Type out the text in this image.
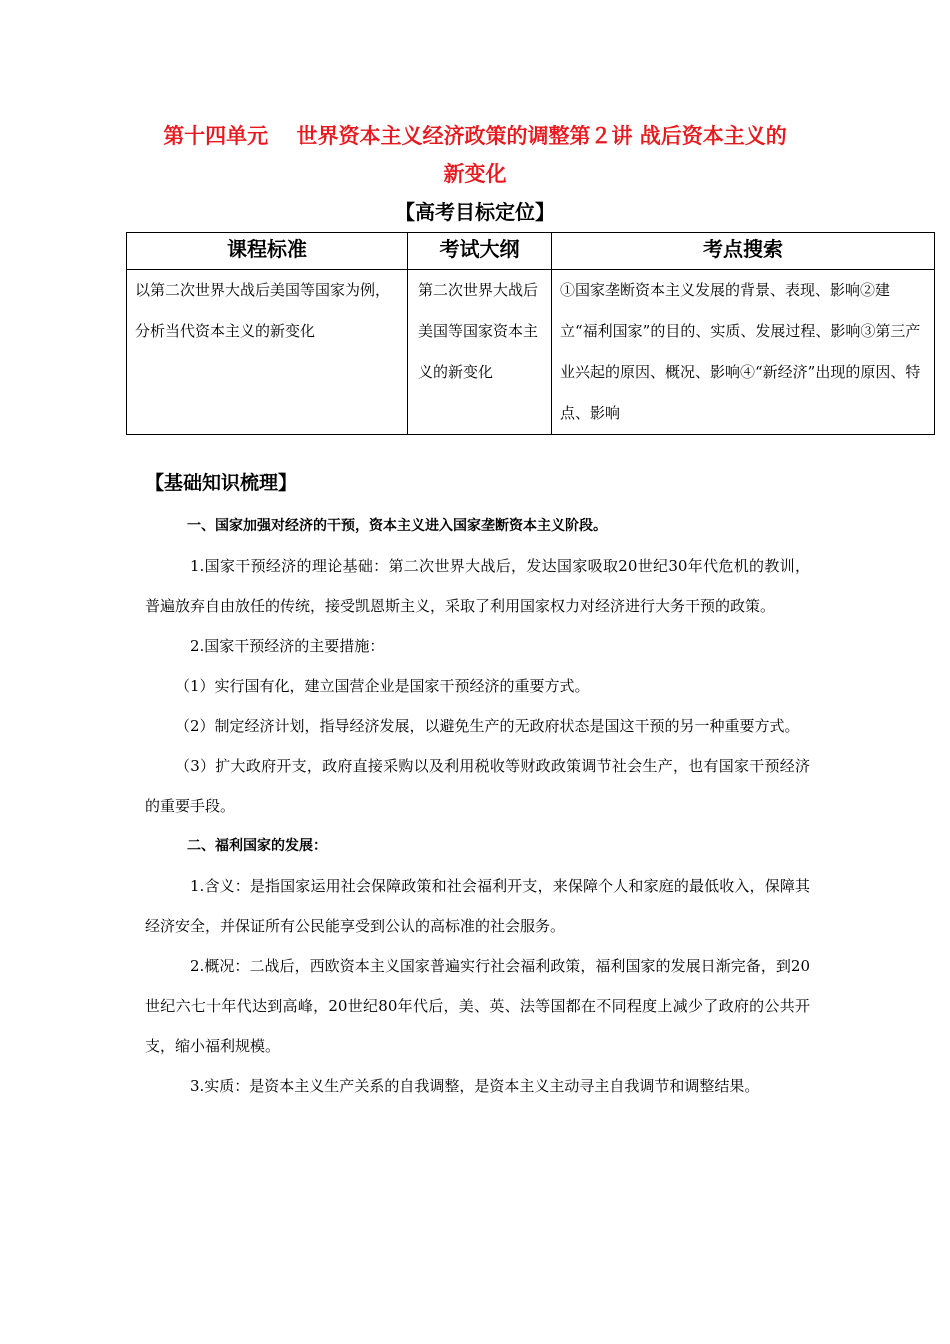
第十四单元　 世界资本主义经济政策的调整第２讲 战后资本主义的
新变化
【高考目标定位】
课程标准	考试大纲	考点搜索
以第二次世界大战后美国等国家为例，分析当代资本主义的新变化	第二次世界大战后美国等国家资本主义的新变化	①国家垄断资本主义发展的背景、表现、影响②建立“福利国家”的目的、实质、发展过程、影响③第三产业兴起的原因、概况、影响④“新经济”出现的原因、特点、影响
【基础知识梳理】

一、国家加强对经济的干预，资本主义进入国家垄断资本主义阶段。

1.国家干预经济的理论基础：第二次世界大战后，发达国家吸取20世纪30年代危机的教训，普遍放弃自由放任的传统，接受凯恩斯主义，采取了利用国家权力对经济进行大务干预的政策。

2.国家干预经济的主要措施：

（1）实行国有化，建立国营企业是国家干预经济的重要方式。

（2）制定经济计划，指导经济发展，以避免生产的无政府状态是国这干预的另一种重要方式。

（3）扩大政府开支，政府直接采购以及利用税收等财政政策调节社会生产，也有国家干预经济的重要手段。

二、福利国家的发展：

1.含义：是指国家运用社会保障政策和社会福利开支，来保障个人和家庭的最低收入，保障其经济安全，并保证所有公民能享受到公认的高标准的社会服务。

2.概况：二战后，西欧资本主义国家普遍实行社会福利政策，福利国家的发展日渐完备，到20世纪六七十年代达到高峰，20世纪80年代后，美、英、法等国都在不同程度上减少了政府的公共开支，缩小福利规模。

3.实质：是资本主义生产关系的自我调整，是资本主义主动寻主自我调节和调整结果。
